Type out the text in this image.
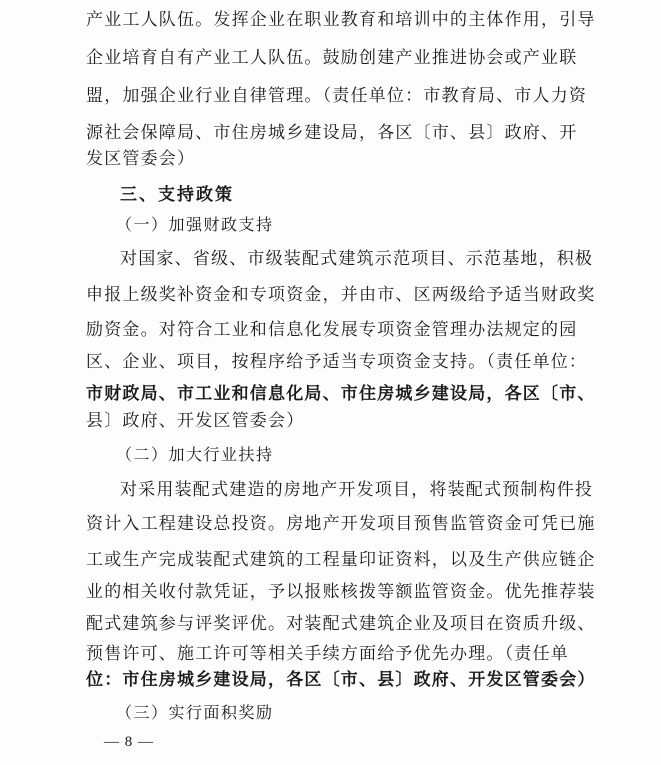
产业工人队伍。发挥企业在职业教育和培训中的主体作用，引导
企业培育自有产业工人队伍。鼓励创建产业推进协会或产业联
盟，加强企业行业自律管理。（责任单位：市教育局、市人力资
源社会保障局、市住房城乡建设局，各区〔市、县〕政府、开
发区管委会）
三、支持政策
（一）加强财政支持
对国家、省级、市级装配式建筑示范项目、示范基地，积极
申报上级奖补资金和专项资金，并由市、区两级给予适当财政奖
励资金。对符合工业和信息化发展专项资金管理办法规定的园
区、企业、项目，按程序给予适当专项资金支持。（责任单位：
市财政局、市工业和信息化局、市住房城乡建设局，各区〔市、
县〕政府、开发区管委会）
（二）加大行业扶持
对采用装配式建造的房地产开发项目，将装配式预制构件投
资计入工程建设总投资。房地产开发项目预售监管资金可凭已施
工或生产完成装配式建筑的工程量印证资料，以及生产供应链企
业的相关收付款凭证，予以报账核拨等额监管资金。优先推荐装
配式建筑参与评奖评优。对装配式建筑企业及项目在资质升级、
预售许可、施工许可等相关手续方面给予优先办理。（责任单
位：市住房城乡建设局，各区〔市、县〕政府、开发区管委会）
（三）实行面积奖励
— 8 —
